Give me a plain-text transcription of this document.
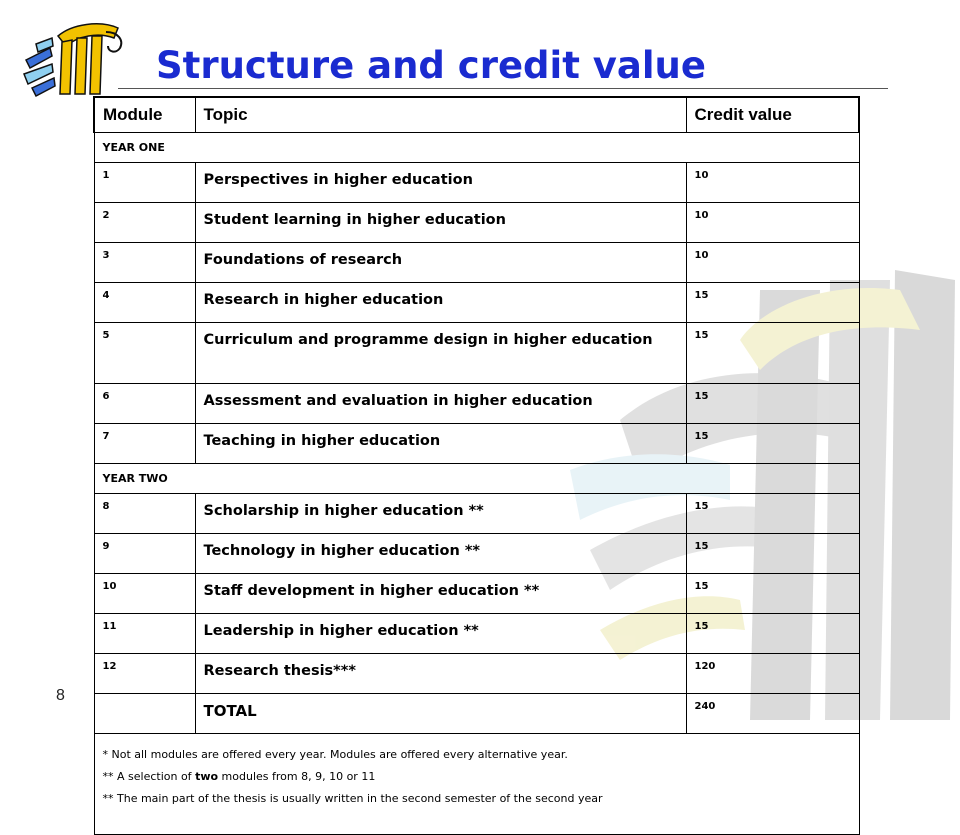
Structure and credit value
Module	Topic	Credit value
YEAR ONE		
1	Perspectives in higher education	10
2	Student learning in higher education	10
3	Foundations of research	10
4	Research in higher education	15
5	Curriculum and programme design in higher education	15
6	Assessment and evaluation in higher education	15
7	Teaching in higher education	15
YEAR TWO		
8	Scholarship in higher education **	15
9	Technology in higher education **	15
10	Staff development in higher education **	15
11	Leadership in higher education **	15
12	Research thesis***	120
	TOTAL	240

* Not all modules are offered every year. Modules are offered every alternative year.
** A selection of two modules from 8, 9, 10 or 11
** The main part of the thesis is usually written in the second semester of the second year		
8
